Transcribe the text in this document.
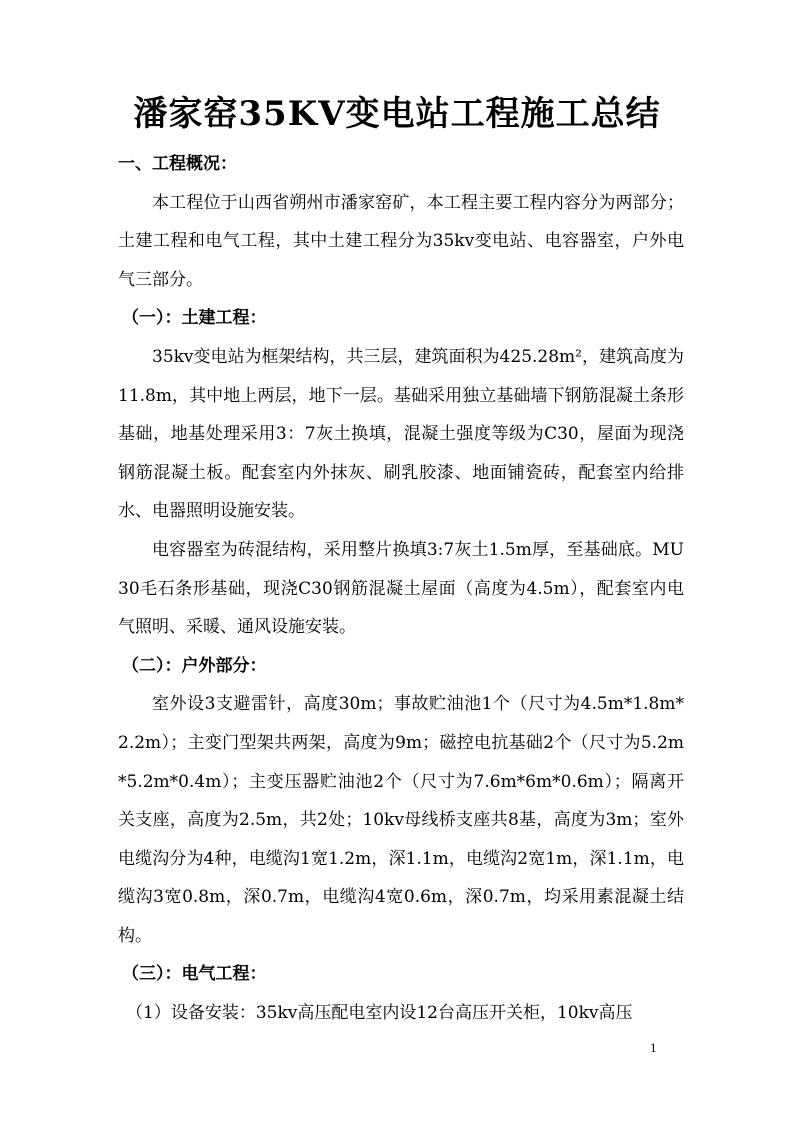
潘家窑35KV变电站工程施工总结
一、工程概况：
本工程位于山西省朔州市潘家窑矿，本工程主要工程内容分为两部分；土建工程和电气工程，其中土建工程分为35kv变电站、电容器室，户外电气三部分。
（一）：土建工程：
35kv变电站为框架结构，共三层，建筑面积为425.28m²，建筑高度为11.8m，其中地上两层，地下一层。基础采用独立基础墙下钢筋混凝土条形基础，地基处理采用3：7灰土换填，混凝土强度等级为C30，屋面为现浇钢筋混凝土板。配套室内外抹灰、刷乳胶漆、地面铺瓷砖，配套室内给排水、电器照明设施安装。
电容器室为砖混结构，采用整片换填3:7灰土1.5m厚，至基础底。MU30毛石条形基础，现浇C30钢筋混凝土屋面（高度为4.5m），配套室内电气照明、采暖、通风设施安装。
（二）：户外部分：
室外设3支避雷针，高度30m；事故贮油池1个（尺寸为4.5m*1.8m*2.2m）；主变门型架共两架，高度为9m；磁控电抗基础2个（尺寸为5.2m*5.2m*0.4m）；主变压器贮油池2个（尺寸为7.6m*6m*0.6m）；隔离开关支座，高度为2.5m，共2处；10kv母线桥支座共8基，高度为3m；室外电缆沟分为4种，电缆沟1宽1.2m，深1.1m，电缆沟2宽1m，深1.1m，电缆沟3宽0.8m，深0.7m，电缆沟4宽0.6m，深0.7m，均采用素混凝土结构。
（三）：电气工程：
（1）设备安装：35kv高压配电室内设12台高压开关柜，10kv高压
1
